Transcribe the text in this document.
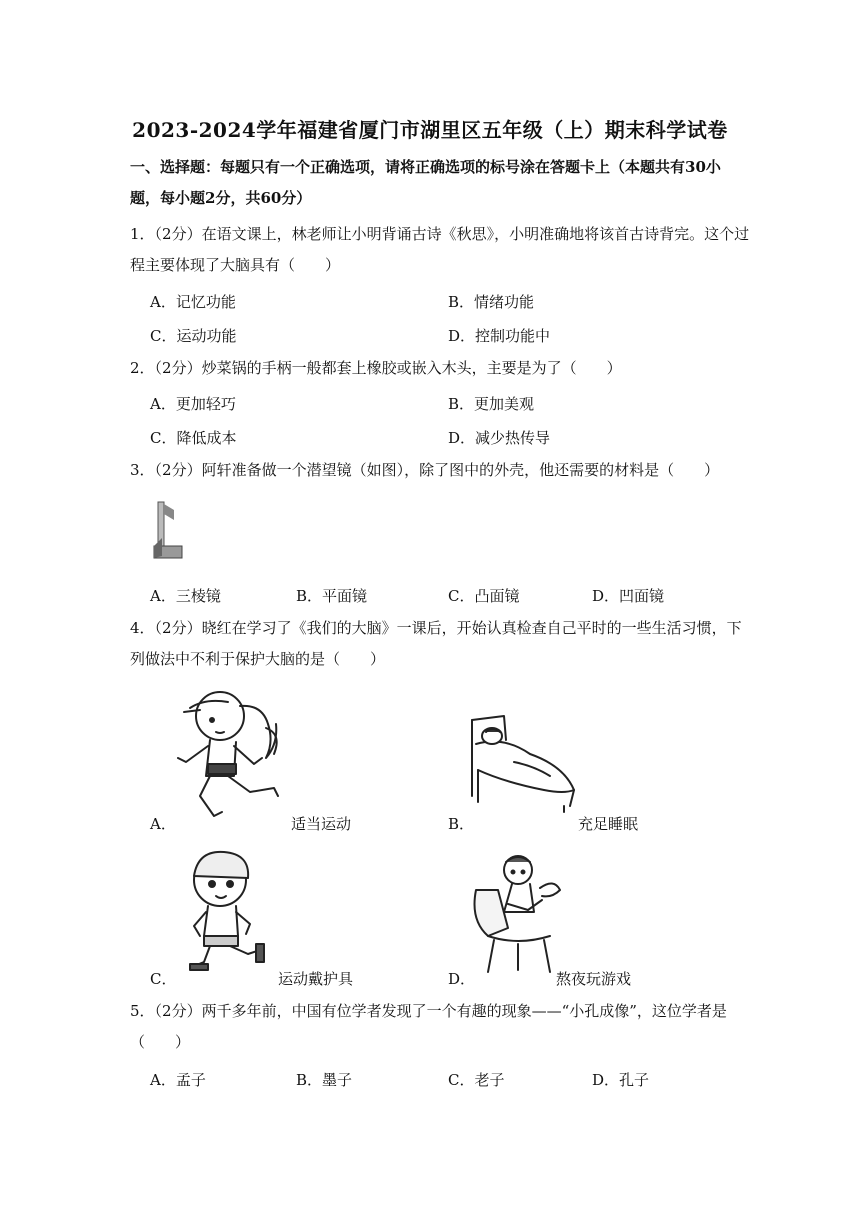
2023-2024学年福建省厦门市湖里区五年级（上）期末科学试卷
一、选择题：每题只有一个正确选项，请将正确选项的标号涂在答题卡上（本题共有30小题，每小题2分，共60分）
1．（2分）在语文课上，林老师让小明背诵古诗《秋思》，小明准确地将该首古诗背完。这个过程主要体现了大脑具有（　　）
A．记忆功能	B．情绪功能
C．运动功能	D．控制功能中
2．（2分）炒菜锅的手柄一般都套上橡胶或嵌入木头，主要是为了（　　）
A．更加轻巧	B．更加美观
C．降低成本	D．减少热传导
3．（2分）阿轩准备做一个潜望镜（如图），除了图中的外壳，他还需要的材料是（　　）
A．三棱镜	B．平面镜	C．凸面镜	D．凹面镜
4．（2分）晓红在学习了《我们的大脑》一课后，开始认真检查自己平时的一些生活习惯，下列做法中不利于保护大脑的是（　　）
A．	适当运动	B．	充足睡眠
C．	运动戴护具	D．	熬夜玩游戏
5．（2分）两千多年前，中国有位学者发现了一个有趣的现象——“小孔成像”，这位学者是（　　）
A．孟子	B．墨子	C．老子	D．孔子
